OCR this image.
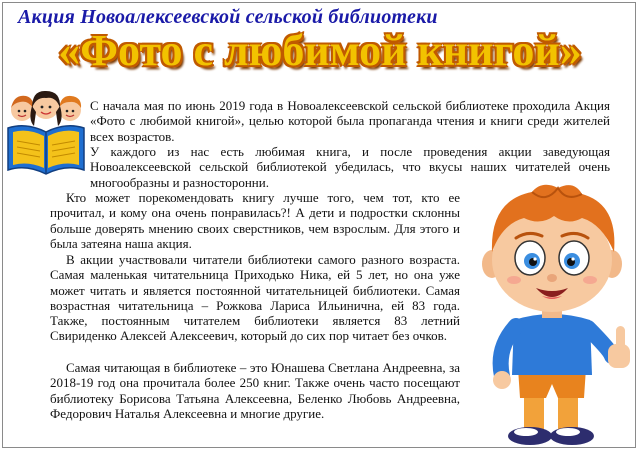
Акция Новоалексеевской сельской библиотеки
«Фото с любимой книгой»

С начала мая по июнь 2019 года в Новоалексеевской сельской библиотеке проходила Акция «Фото с любимой книгой», целью которой была пропаганда чтения и книги среди жителей всех возрастов.

У каждого из нас есть любимая книга, и после проведения акции заведующая Новоалексеевской сельской библиотекой убедилась, что вкусы наших читателей очень многообразны и разносторонни.

Кто может порекомендовать книгу лучше того, чем тот, кто ее прочитал, и кому она очень понравилась?! А дети и подростки склонны больше доверять мнению своих сверстников, чем взрослым. Для этого и была затеяна наша акция.

В акции участвовали читатели библиотеки самого разного возраста. Самая маленькая читательница Приходько Ника, ей 5 лет, но она уже может читать и является постоянной читательницей библиотеки. Самая возрастная читательница – Рожкова Лариса Ильинична, ей 83 года. Также, постоянным читателем библиотеки является 83 летний Свириденко Алексей Алексеевич, который до сих пор читает без очков.

Самая читающая в библиотеке – это Юнашева Светлана Андреевна, за 2018-19 год она прочитала более 250 книг. Также очень часто посещают библиотеку Борисова Татьяна Алексеевна, Беленко Любовь Андреевна, Федорович Наталья Алексеевна и многие другие.
